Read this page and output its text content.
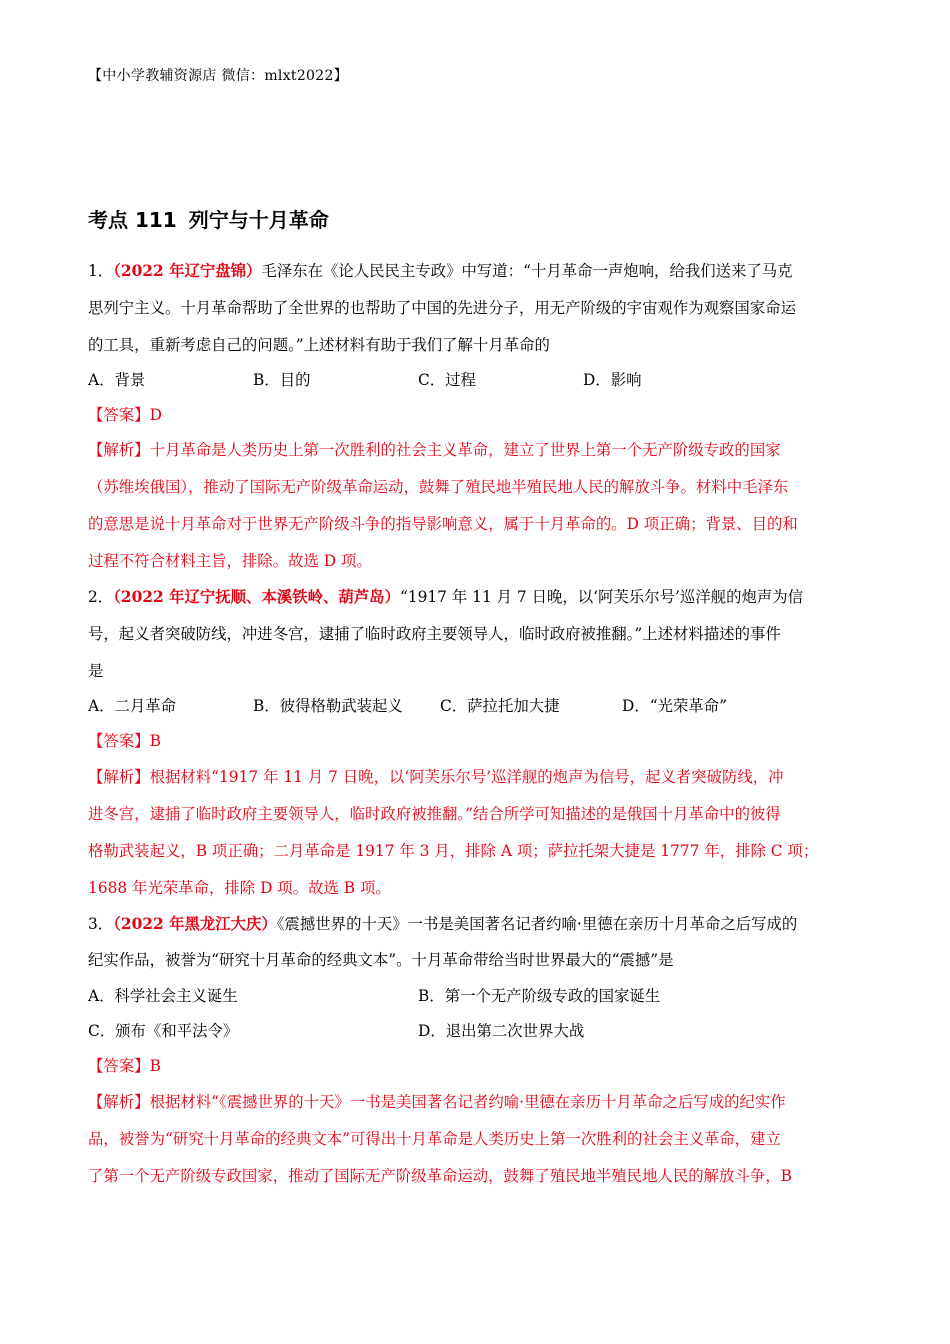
【中小学教辅资源店 微信：mlxt2022】
考点 111 列宁与十月革命
1．（2022 年辽宁盘锦）毛泽东在《论人民民主专政》中写道：“十月革命一声炮响，给我们送来了马克
思列宁主义。十月革命帮助了全世界的也帮助了中国的先进分子，用无产阶级的宇宙观作为观察国家命运
的工具，重新考虑自己的问题。”上述材料有助于我们了解十月革命的
A．背景	B．目的	C．过程	D．影响
【答案】D
【解析】十月革命是人类历史上第一次胜利的社会主义革命，建立了世界上第一个无产阶级专政的国家
（苏维埃俄国），推动了国际无产阶级革命运动，鼓舞了殖民地半殖民地人民的解放斗争。材料中毛泽东
的意思是说十月革命对于世界无产阶级斗争的指导影响意义，属于十月革命的。D 项正确；背景、目的和
过程不符合材料主旨，排除。故选 D 项。
2．（2022 年辽宁抚顺、本溪铁岭、葫芦岛）“1917 年 11 月 7 日晚，以‘阿芙乐尔号’巡洋舰的炮声为信
号，起义者突破防线，冲进冬宫，逮捕了临时政府主要领导人，临时政府被推翻。”上述材料描述的事件
是
A．二月革命	B．彼得格勒武装起义 C．萨拉托加大捷	D．“光荣革命”
【答案】B
【解析】根据材料“1917 年 11 月 7 日晚，以‘阿芙乐尔号’巡洋舰的炮声为信号，起义者突破防线，冲
进冬宫，逮捕了临时政府主要领导人，临时政府被推翻。”结合所学可知描述的是俄国十月革命中的彼得
格勒武装起义，B 项正确；二月革命是 1917 年 3 月，排除 A 项；萨拉托架大捷是 1777 年，排除 C 项；
1688 年光荣革命，排除 D 项。故选 B 项。
3．（2022 年黑龙江大庆）《震撼世界的十天》一书是美国著名记者约喻·里德在亲历十月革命之后写成的
纪实作品，被誉为“研究十月革命的经典文本”。十月革命带给当时世界最大的“震撼”是
A．科学社会主义诞生	B．第一个无产阶级专政的国家诞生
C．颁布《和平法令》	D．退出第二次世界大战
【答案】B
【解析】根据材料“《震撼世界的十天》一书是美国著名记者约喻·里德在亲历十月革命之后写成的纪实作
品，被誉为“研究十月革命的经典文本”可得出十月革命是人类历史上第一次胜利的社会主义革命，建立
了第一个无产阶级专政国家，推动了国际无产阶级革命运动，鼓舞了殖民地半殖民地人民的解放斗争，B
